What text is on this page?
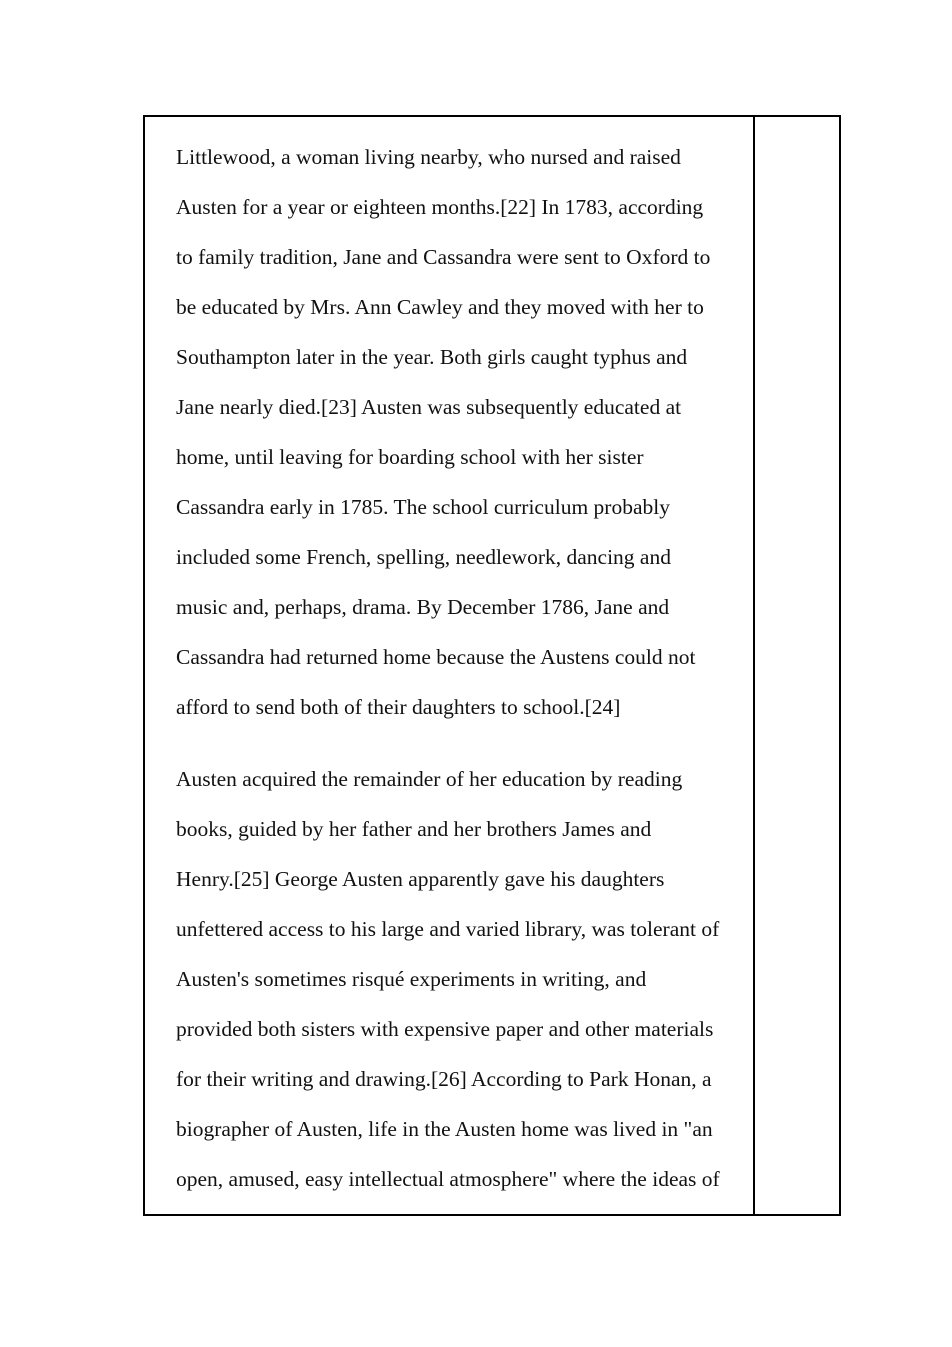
Littlewood, a woman living nearby, who nursed and raised
Austen for a year or eighteen months.[22] In 1783, according
to family tradition, Jane and Cassandra were sent to Oxford to
be educated by Mrs. Ann Cawley and they moved with her to
Southampton later in the year. Both girls caught typhus and
Jane nearly died.[23] Austen was subsequently educated at
home, until leaving for boarding school with her sister
Cassandra early in 1785. The school curriculum probably
included some French, spelling, needlework, dancing and
music and, perhaps, drama. By December 1786, Jane and
Cassandra had returned home because the Austens could not
afford to send both of their daughters to school.[24]
Austen acquired the remainder of her education by reading
books, guided by her father and her brothers James and
Henry.[25] George Austen apparently gave his daughters
unfettered access to his large and varied library, was tolerant of
Austen's sometimes risqué experiments in writing, and
provided both sisters with expensive paper and other materials
for their writing and drawing.[26] According to Park Honan, a
biographer of Austen, life in the Austen home was lived in "an
open, amused, easy intellectual atmosphere" where the ideas of
